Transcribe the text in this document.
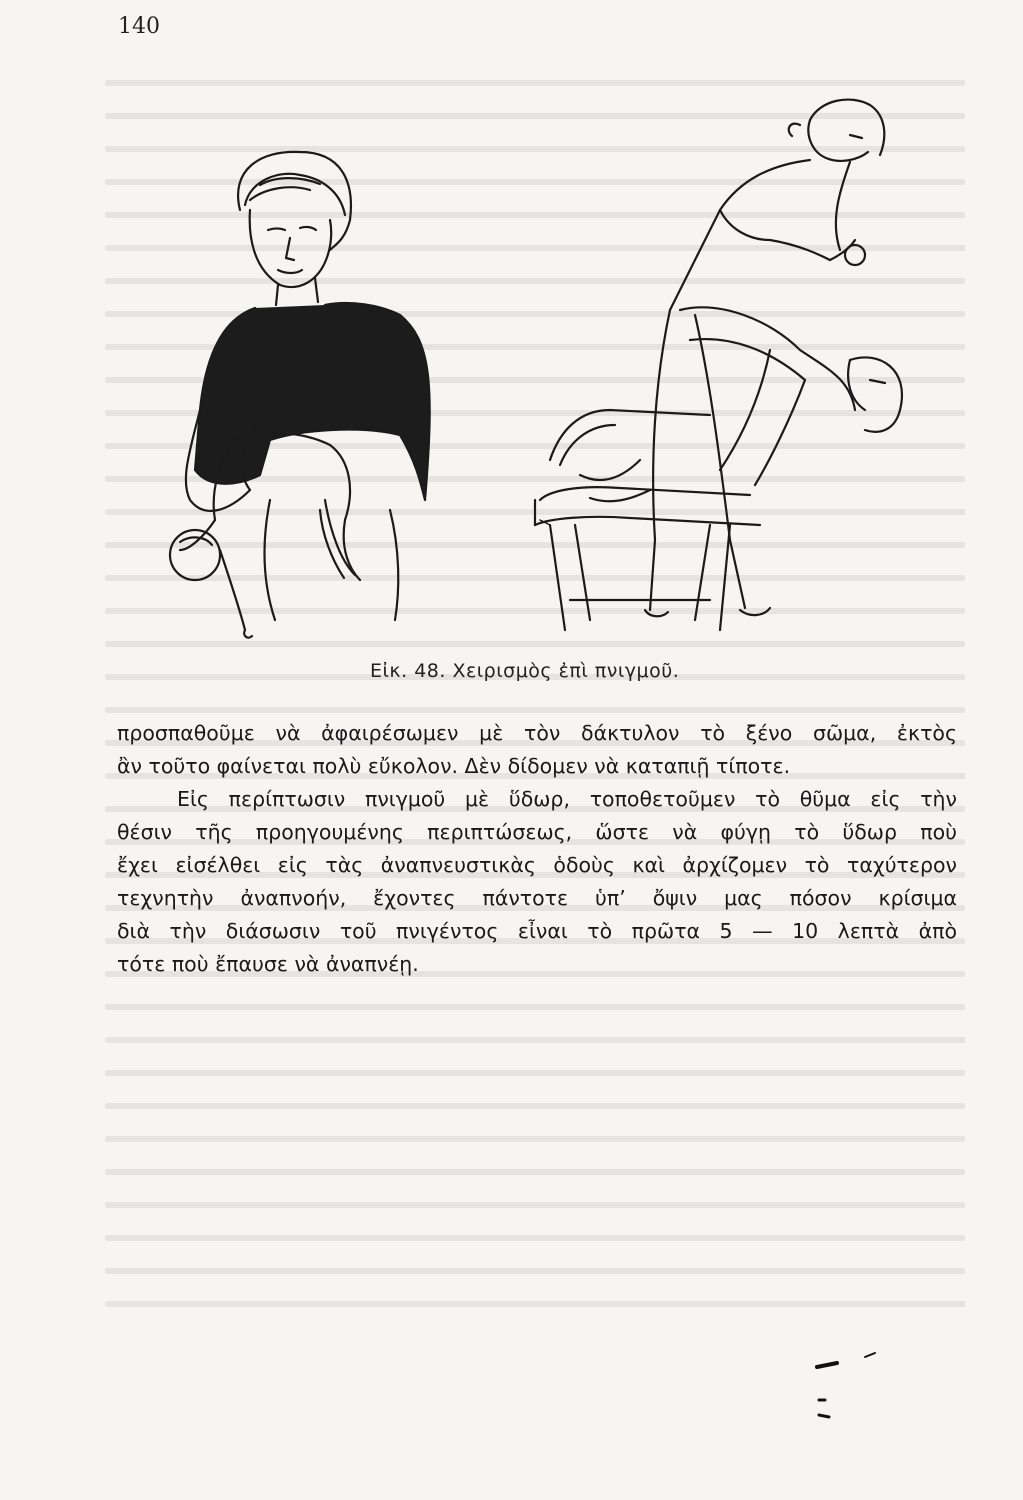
140
Εἰκ. 48. Χειρισμὸς ἐπὶ πνιγμοῦ.

προσπαθοῦμε νὰ ἀφαιρέσωμεν μὲ τὸν δάκτυλον τὸ ξένο σῶμα, ἐκτὸς
ἂν τοῦτο φαίνεται πολὺ εὔκολον. Δὲν δίδομεν νὰ καταπιῇ τίποτε.

Εἰς περίπτωσιν πνιγμοῦ μὲ ὕδωρ, τοποθετοῦμεν τὸ θῦμα εἰς τὴν
θέσιν τῆς προηγουμένης περιπτώσεως, ὥστε νὰ φύγῃ τὸ ὕδωρ ποὺ
ἔχει εἰσέλθει εἰς τὰς ἀναπνευστικὰς ὁδοὺς καὶ ἀρχίζομεν τὸ ταχύτερον
τεχνητὴν ἀναπνοήν, ἔχοντες πάντοτε ὑπ’ ὄψιν μας πόσον κρίσιμα
διὰ τὴν διάσωσιν τοῦ πνιγέντος εἶναι τὸ πρῶτα 5 — 10 λεπτὰ ἀπὸ
τότε ποὺ ἔπαυσε νὰ ἀναπνέῃ.
